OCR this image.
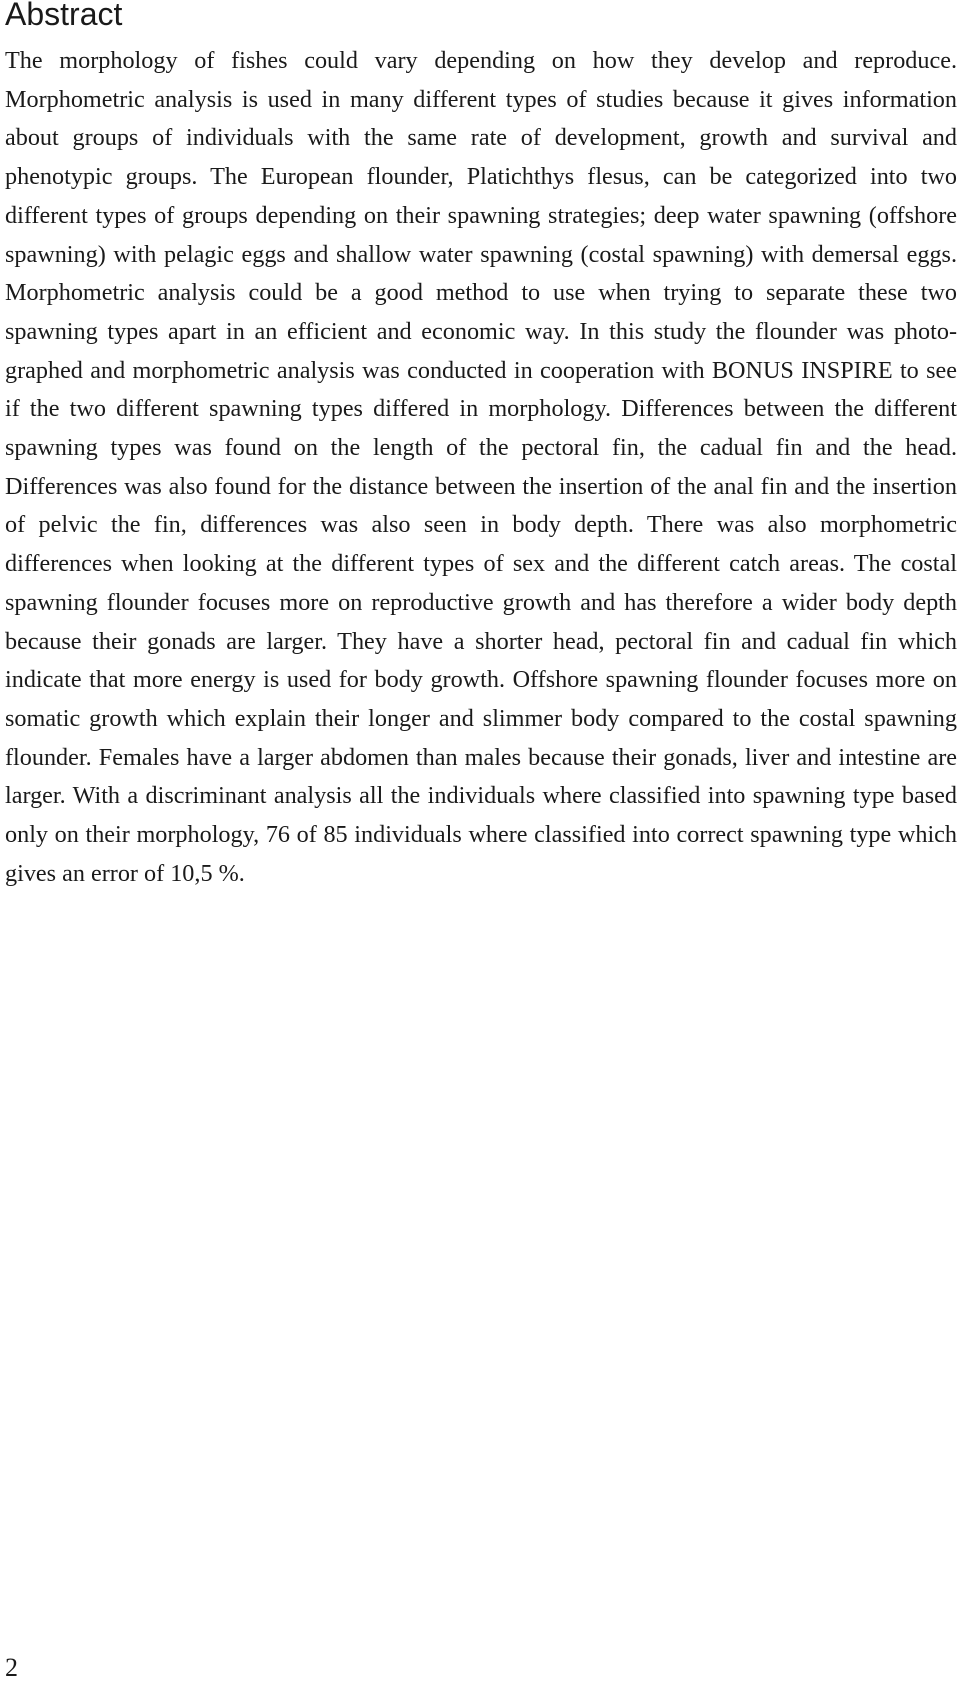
Abstract

The morphology of fishes could vary depending on how they develop and reproduce. Morphometric analysis is used in many different types of studies because it gives information about groups of individuals with the same rate of development, growth and survival and phenotypic groups. The European flounder, Platichthys flesus, can be categorized into two different types of groups depending on their spawning strategies; deep water spawning (offshore spawning) with pelagic eggs and shallow water spawning (costal spawning) with demersal eggs. Morphometric analysis could be a good method to use when trying to separate these two spawning types apart in an efficient and economic way. In this study the flounder was photographed and morphometric analysis was conducted in cooperation with BONUS INSPIRE to see if the two different spawning types differed in morphology. Differences between the different spawning types was found on the length of the pectoral fin, the cadual fin and the head. Differences was also found for the distance between the insertion of the anal fin and the insertion of pelvic the fin, differences was also seen in body depth. There was also morphometric differences when looking at the different types of sex and the different catch areas. The costal spawning flounder focuses more on reproductive growth and has therefore a wider body depth because their gonads are larger. They have a shorter head, pectoral fin and cadual fin which indicate that more energy is used for body growth. Offshore spawning flounder focuses more on somatic growth which explain their longer and slimmer body compared to the costal spawning flounder. Females have a larger abdomen than males because their gonads, liver and intestine are larger. With a discriminant analysis all the individuals where classified into spawning type based only on their morphology, 76 of 85 individuals where classified into correct spawning type which gives an error of 10,5 %.

2
